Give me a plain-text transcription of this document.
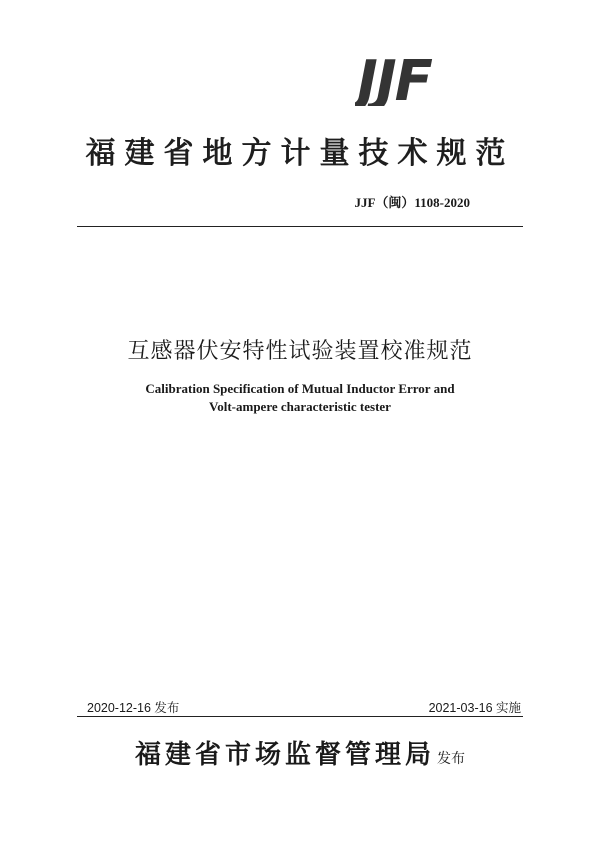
JJF
福建省地方计量技术规范
JJF（闽）1108-2020
互感器伏安特性试验装置校准规范
Calibration Specification of Mutual Inductor Error and
Volt-ampere characteristic tester
2020-12-16 发布	2021-03-16 实施
福建省市场监督管理局 发布
